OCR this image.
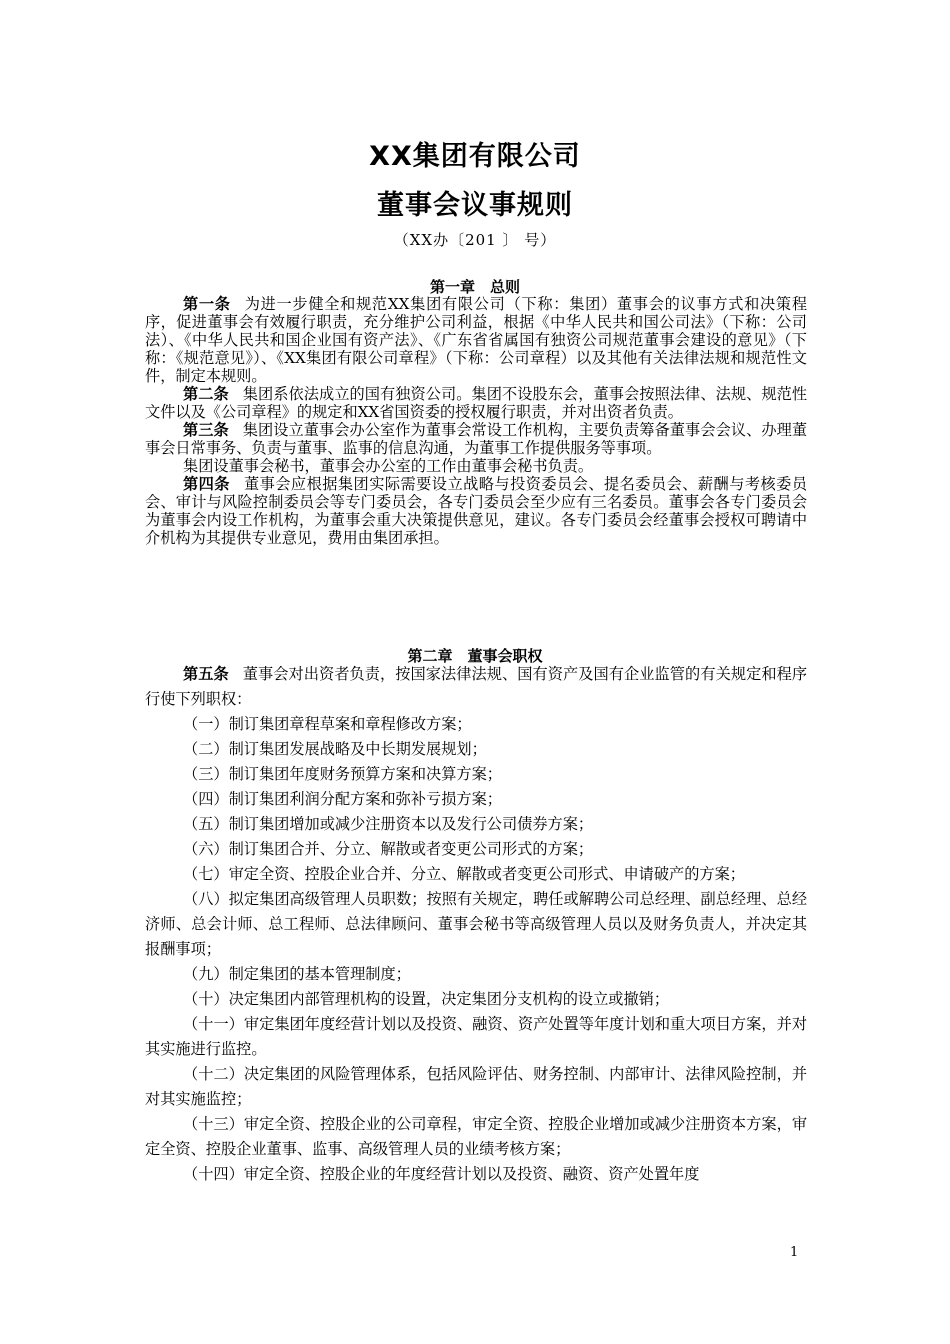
XX集团有限公司
董事会议事规则
（XX办〔201 〕 号）
第一章　总则

第一条 为进一步健全和规范XX集团有限公司（下称：集团）董事会的议事方式和决策程序，促进董事会有效履行职责，充分维护公司利益，根据《中华人民共和国公司法》（下称：公司法）、《中华人民共和国企业国有资产法》、《广东省省属国有独资公司规范董事会建设的意见》（下称：《规范意见》）、《XX集团有限公司章程》（下称：公司章程）以及其他有关法律法规和规范性文件，制定本规则。

第二条 集团系依法成立的国有独资公司。集团不设股东会，董事会按照法律、法规、规范性文件以及《公司章程》的规定和XX省国资委的授权履行职责，并对出资者负责。

第三条 集团设立董事会办公室作为董事会常设工作机构，主要负责筹备董事会会议、办理董事会日常事务、负责与董事、监事的信息沟通，为董事工作提供服务等事项。

集团设董事会秘书，董事会办公室的工作由董事会秘书负责。

第四条 董事会应根据集团实际需要设立战略与投资委员会、提名委员会、薪酬与考核委员会、审计与风险控制委员会等专门委员会，各专门委员会至少应有三名委员。董事会各专门委员会为董事会内设工作机构，为董事会重大决策提供意见，建议。各专门委员会经董事会授权可聘请中介机构为其提供专业意见，费用由集团承担。

第二章　董事会职权

第五条 董事会对出资者负责，按国家法律法规、国有资产及国有企业监管的有关规定和程序行使下列职权：

（一）制订集团章程草案和章程修改方案；

（二）制订集团发展战略及中长期发展规划；

（三）制订集团年度财务预算方案和决算方案；

（四）制订集团利润分配方案和弥补亏损方案；

（五）制订集团增加或减少注册资本以及发行公司债券方案；

（六）制订集团合并、分立、解散或者变更公司形式的方案；

（七）审定全资、控股企业合并、分立、解散或者变更公司形式、申请破产的方案；

（八）拟定集团高级管理人员职数；按照有关规定，聘任或解聘公司总经理、副总经理、总经济师、总会计师、总工程师、总法律顾问、董事会秘书等高级管理人员以及财务负责人，并决定其报酬事项；

（九）制定集团的基本管理制度；

（十）决定集团内部管理机构的设置，决定集团分支机构的设立或撤销；

（十一）审定集团年度经营计划以及投资、融资、资产处置等年度计划和重大项目方案，并对其实施进行监控。

（十二）决定集团的风险管理体系，包括风险评估、财务控制、内部审计、法律风险控制，并对其实施监控；

（十三）审定全资、控股企业的公司章程，审定全资、控股企业增加或减少注册资本方案，审定全资、控股企业董事、监事、高级管理人员的业绩考核方案；

（十四）审定全资、控股企业的年度经营计划以及投资、融资、资产处置年度

1
